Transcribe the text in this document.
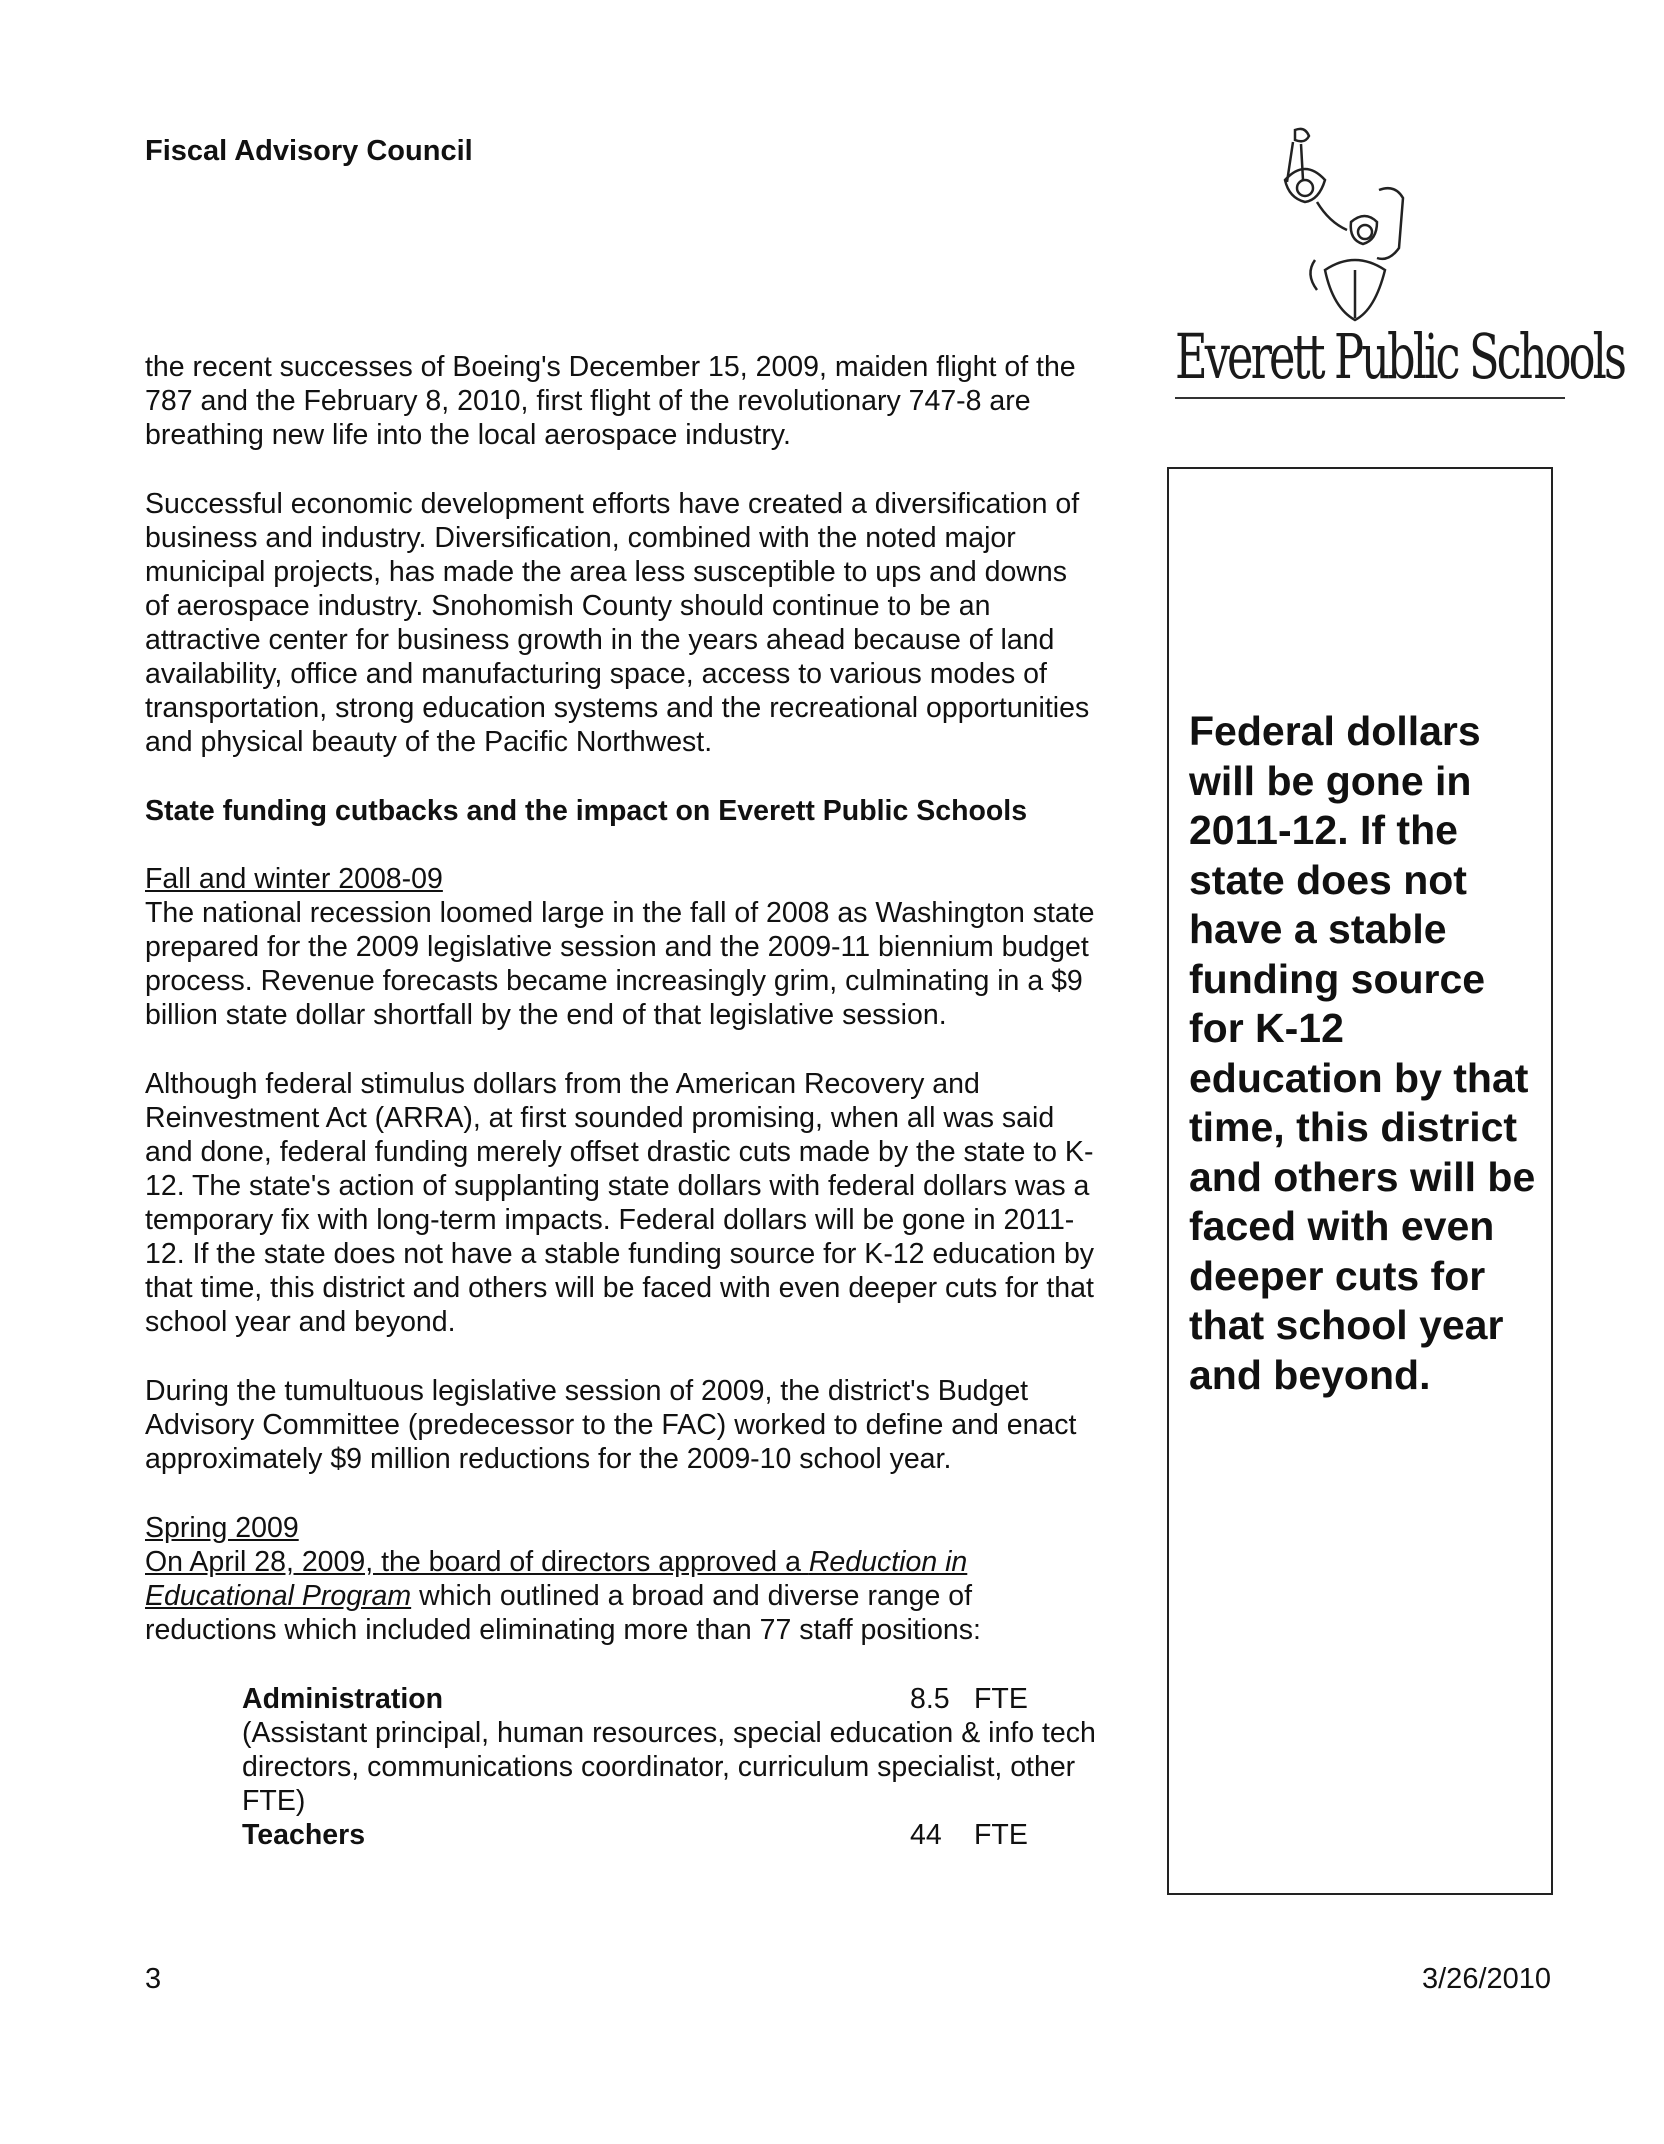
Fiscal Advisory Council
Everett Public Schools

the recent successes of Boeing's December 15, 2009, maiden flight of the 787 and the February 8, 2010, first flight of the revolutionary 747-8 are breathing new life into the local aerospace industry.

Successful economic development efforts have created a diversification of business and industry. Diversification, combined with the noted major municipal projects, has made the area less susceptible to ups and downs of aerospace industry. Snohomish County should continue to be an attractive center for business growth in the years ahead because of land availability, office and manufacturing space, access to various modes of transportation, strong education systems and the recreational opportunities and physical beauty of the Pacific Northwest.

State funding cutbacks and the impact on Everett Public Schools
Fall and winter 2008-09

The national recession loomed large in the fall of 2008 as Washington state prepared for the 2009 legislative session and the 2009-11 biennium budget process. Revenue forecasts became increasingly grim, culminating in a $9 billion state dollar shortfall by the end of that legislative session.

Although federal stimulus dollars from the American Recovery and Reinvestment Act (ARRA), at first sounded promising, when all was said and done, federal funding merely offset drastic cuts made by the state to K-12. The state's action of supplanting state dollars with federal dollars was a temporary fix with long-term impacts. Federal dollars will be gone in 2011-12. If the state does not have a stable funding source for K-12 education by that time, this district and others will be faced with even deeper cuts for that school year and beyond.

During the tumultuous legislative session of 2009, the district's Budget Advisory Committee (predecessor to the FAC) worked to define and enact approximately $9 million reductions for the 2009-10 school year.

Spring 2009

On April 28, 2009, the board of directors approved a Reduction in Educational Program which outlined a broad and diverse range of reductions which included eliminating more than 77 staff positions:

Administration	8.5 FTE
(Assistant principal, human resources, special education & info tech directors, communications coordinator, curriculum specialist, other FTE)
Teachers	44	FTE
Federal dollars will be gone in 2011-12. If the state does not have a stable funding source for K-12 education by that time, this district and others will be faced with even deeper cuts for that school year and beyond.
3	3/26/2010
